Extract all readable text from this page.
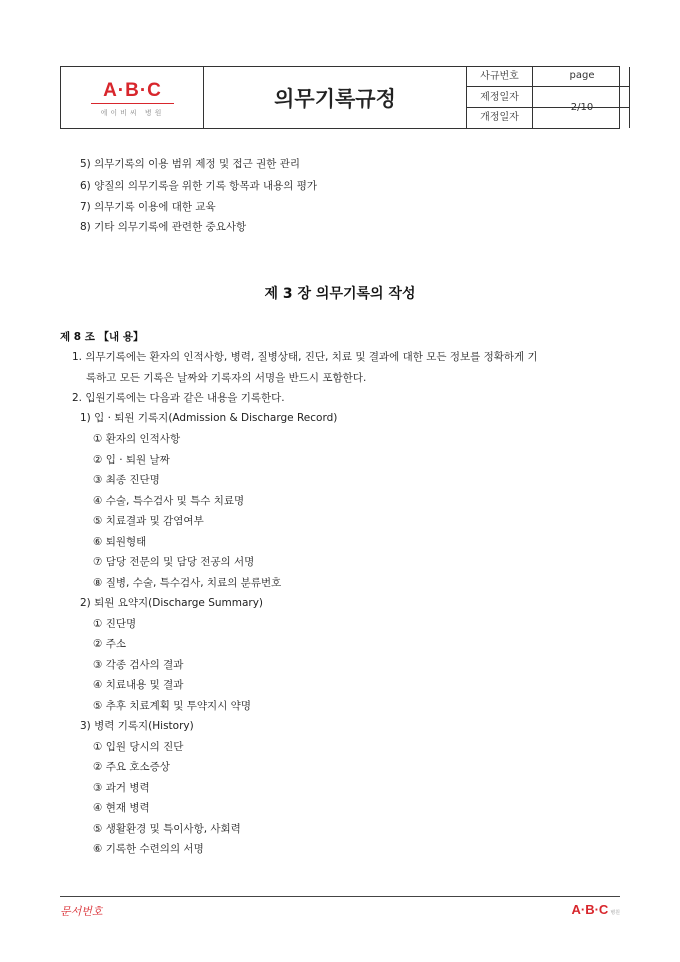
A·B·C
에이비씨 병원
의무기록규정
사규번호
제정일자
개정일자
page
2/10
5) 의무기록의 이용 범위 제정 및 접근 권한 관리
6) 양질의 의무기록을 위한 기록 항목과 내용의 평가
7) 의무기록 이용에 대한 교육
8) 기타 의무기록에 관련한 중요사항
제 3 장 의무기록의 작성
제 8 조 【내 용】
1. 의무기록에는 환자의 인적사항, 병력, 질병상태, 진단, 치료 및 결과에 대한 모든 정보를 정확하게 기
록하고 모든 기록은 날짜와 기록자의 서명을 반드시 포함한다.
2. 입원기록에는 다음과 같은 내용을 기록한다.
1) 입 · 퇴원 기록지(Admission & Discharge Record)
① 환자의 인적사항
② 입 · 퇴원 날짜
③ 최종 진단명
④ 수술, 특수검사 및 특수 치료명
⑤ 치료결과 및 감염여부
⑥ 퇴원형태
⑦ 담당 전문의 및 담당 전공의 서명
⑧ 질병, 수술, 특수검사, 치료의 분류번호
2) 퇴원 요약지(Discharge Summary)
① 진단명
② 주소
③ 각종 검사의 결과
④ 치료내용 및 결과
⑤ 추후 치료계획 및 투약지시 약명
3) 병력 기록지(History)
① 입원 당시의 진단
② 주요 호소증상
③ 과거 병력
④ 현재 병력
⑤ 생활환경 및 특이사항, 사회력
⑥ 기록한 수련의의 서명
문서번호	A·B·C 병원
